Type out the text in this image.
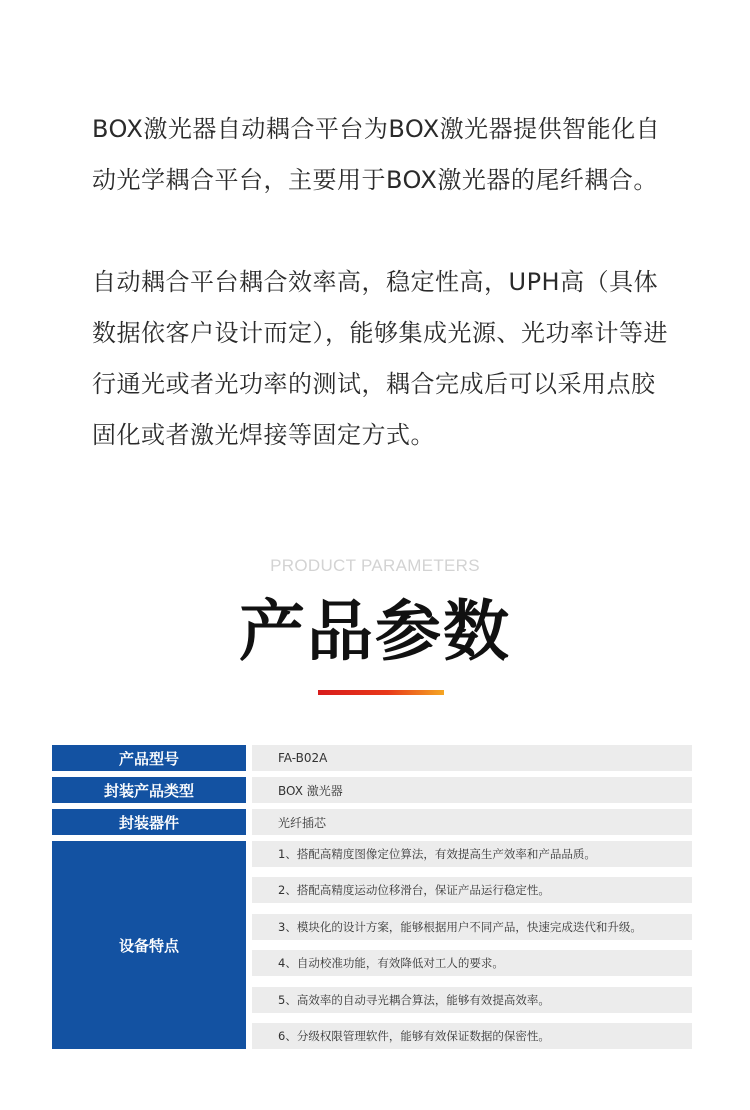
BOX激光器自动耦合平台为BOX激光器提供智能化自动光学耦合平台，主要用于BOX激光器的尾纤耦合。

自动耦合平台耦合效率高，稳定性高，UPH高（具体数据依客户设计而定），能够集成光源、光功率计等进行通光或者光功率的测试，耦合完成后可以采用点胶固化或者激光焊接等固定方式。

PRODUCT PARAMETERS
产品参数
产品型号	FA-B02A
封装产品类型	BOX 激光器
封装器件	光纤插芯
设备特点
1、搭配高精度图像定位算法，有效提高生产效率和产品品质。
2、搭配高精度运动位移滑台，保证产品运行稳定性。
3、模块化的设计方案，能够根据用户不同产品，快速完成迭代和升级。
4、自动校准功能，有效降低对工人的要求。
5、高效率的自动寻光耦合算法，能够有效提高效率。
6、分级权限管理软件，能够有效保证数据的保密性。
